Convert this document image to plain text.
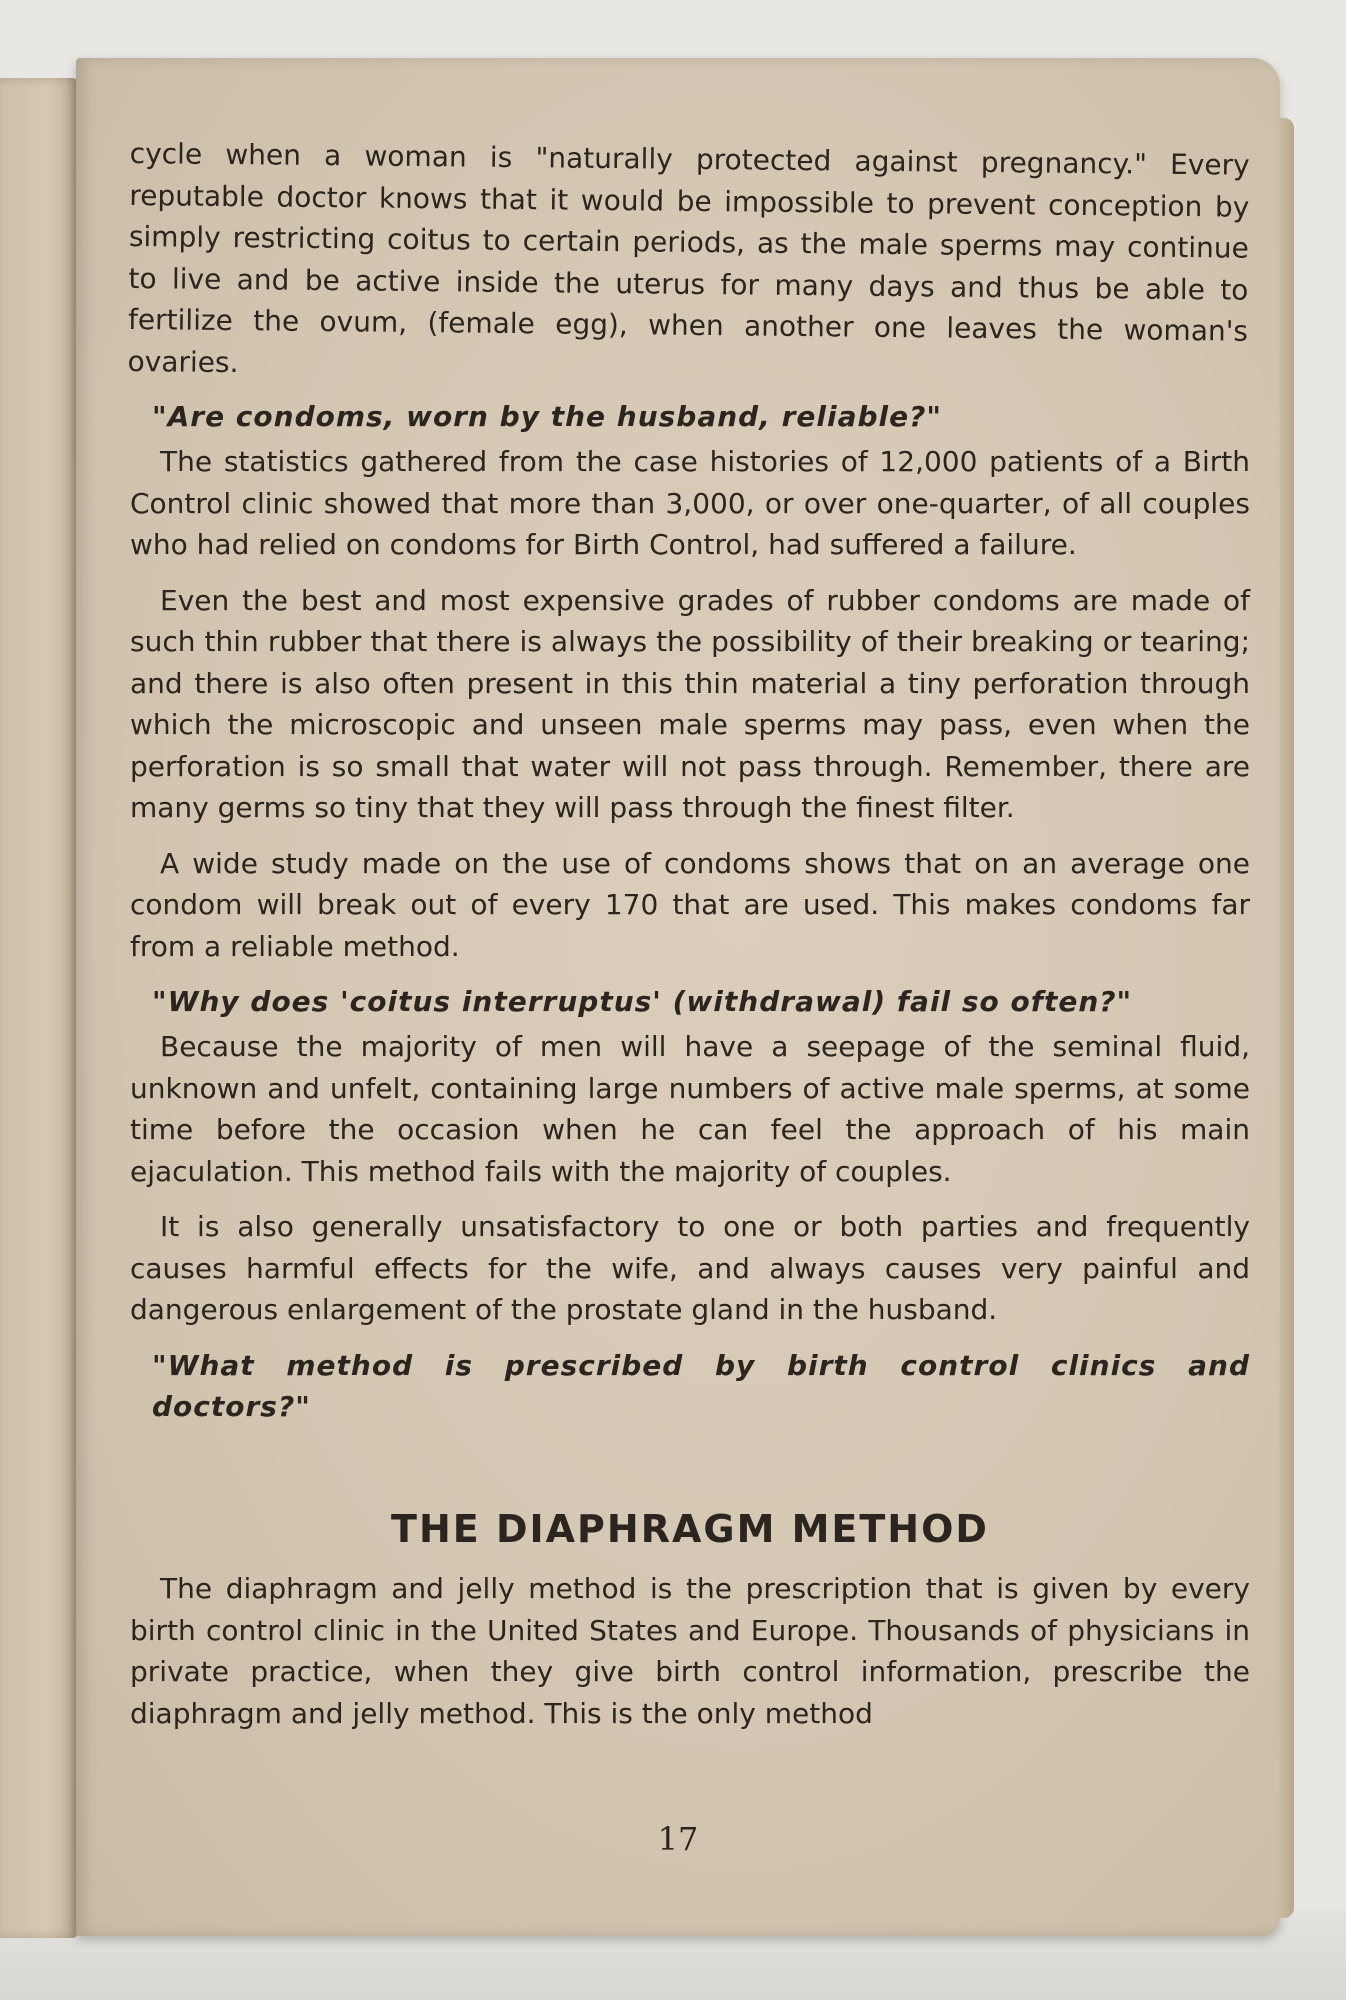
cycle when a woman is "naturally protected against pregnancy." Every reputable doctor knows that it would be impossible to prevent conception by simply restricting coitus to certain periods, as the male sperms may continue to live and be active inside the uterus for many days and thus be able to fertilize the ovum, (female egg), when another one leaves the woman's ovaries.

"Are condoms, worn by the husband, reliable?"

The statistics gathered from the case histories of 12,000 patients of a Birth Control clinic showed that more than 3,000, or over one-quarter, of all couples who had relied on condoms for Birth Control, had suffered a failure.

Even the best and most expensive grades of rubber condoms are made of such thin rubber that there is always the possibility of their breaking or tearing; and there is also often present in this thin material a tiny perforation through which the microscopic and unseen male sperms may pass, even when the perforation is so small that water will not pass through. Remember, there are many germs so tiny that they will pass through the finest filter.

A wide study made on the use of condoms shows that on an average one condom will break out of every 170 that are used. This makes condoms far from a reliable method.

"Why does 'coitus interruptus' (withdrawal) fail so often?"

Because the majority of men will have a seepage of the seminal fluid, unknown and unfelt, containing large numbers of active male sperms, at some time before the occasion when he can feel the approach of his main ejaculation. This method fails with the majority of couples.

It is also generally unsatisfactory to one or both parties and frequently causes harmful effects for the wife, and always causes very painful and dangerous enlargement of the prostate gland in the husband.

"What method is prescribed by birth control clinics and doctors?"
THE DIAPHRAGM METHOD

The diaphragm and jelly method is the prescription that is given by every birth control clinic in the United States and Europe. Thousands of physicians in private practice, when they give birth control information, prescribe the diaphragm and jelly method. This is the only method

17
